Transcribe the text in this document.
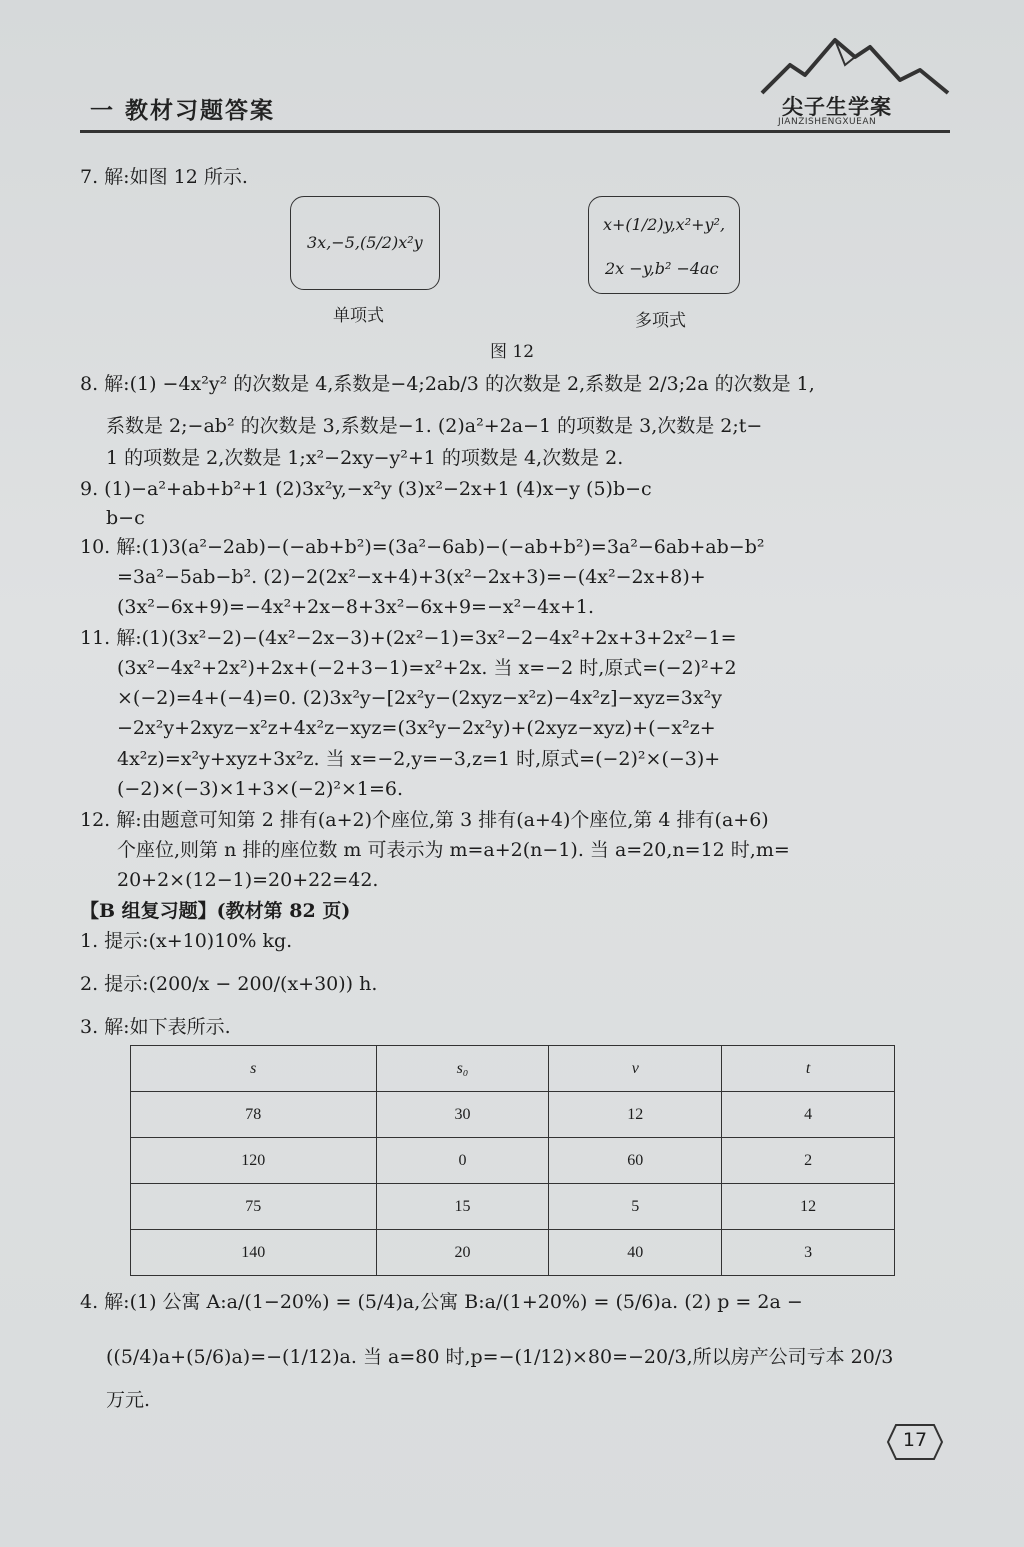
一 教材习题答案	尖子生学案
JIANZISHENGXUEAN
7. 解:如图 12 所示.
3x,−5,(5/2)x²y
单项式
x+(1/2)y,x²+y²,
2x −y,b² −4ac
多项式
图 12
8. 解:(1) −4x²y² 的次数是 4,系数是−4;2ab/3 的次数是 2,系数是 2/3;2a 的次数是 1,
系数是 2;−ab² 的次数是 3,系数是−1. (2)a²+2a−1 的项数是 3,次数是 2;t−
1 的项数是 2,次数是 1;x²−2xy−y²+1 的项数是 4,次数是 2.
9. (1)−a²+ab+b²+1 (2)3x²y,−x²y (3)x²−2x+1 (4)x−y (5)b−c
b−c
10. 解:(1)3(a²−2ab)−(−ab+b²)=(3a²−6ab)−(−ab+b²)=3a²−6ab+ab−b²
=3a²−5ab−b². (2)−2(2x²−x+4)+3(x²−2x+3)=−(4x²−2x+8)+
(3x²−6x+9)=−4x²+2x−8+3x²−6x+9=−x²−4x+1.
11. 解:(1)(3x²−2)−(4x²−2x−3)+(2x²−1)=3x²−2−4x²+2x+3+2x²−1=
(3x²−4x²+2x²)+2x+(−2+3−1)=x²+2x. 当 x=−2 时,原式=(−2)²+2
×(−2)=4+(−4)=0. (2)3x²y−[2x²y−(2xyz−x²z)−4x²z]−xyz=3x²y
−2x²y+2xyz−x²z+4x²z−xyz=(3x²y−2x²y)+(2xyz−xyz)+(−x²z+
4x²z)=x²y+xyz+3x²z. 当 x=−2,y=−3,z=1 时,原式=(−2)²×(−3)+
(−2)×(−3)×1+3×(−2)²×1=6.
12. 解:由题意可知第 2 排有(a+2)个座位,第 3 排有(a+4)个座位,第 4 排有(a+6)
个座位,则第 n 排的座位数 m 可表示为 m=a+2(n−1). 当 a=20,n=12 时,m=
20+2×(12−1)=20+22=42.
【B 组复习题】(教材第 82 页)
1. 提示:(x+10)10% kg.
2. 提示:(200/x − 200/(x+30)) h.
3. 解:如下表所示.
s	s₀	v	t
78	30	12	4
120	0	60	2
75	15	5	12
140	20	40	3
4. 解:(1) 公寓 A:a/(1−20%) = (5/4)a,公寓 B:a/(1+20%) = (5/6)a. (2) p = 2a −
((5/4)a+(5/6)a)=−(1/12)a. 当 a=80 时,p=−(1/12)×80=−20/3,所以房产公司亏本 20/3
万元.
17
